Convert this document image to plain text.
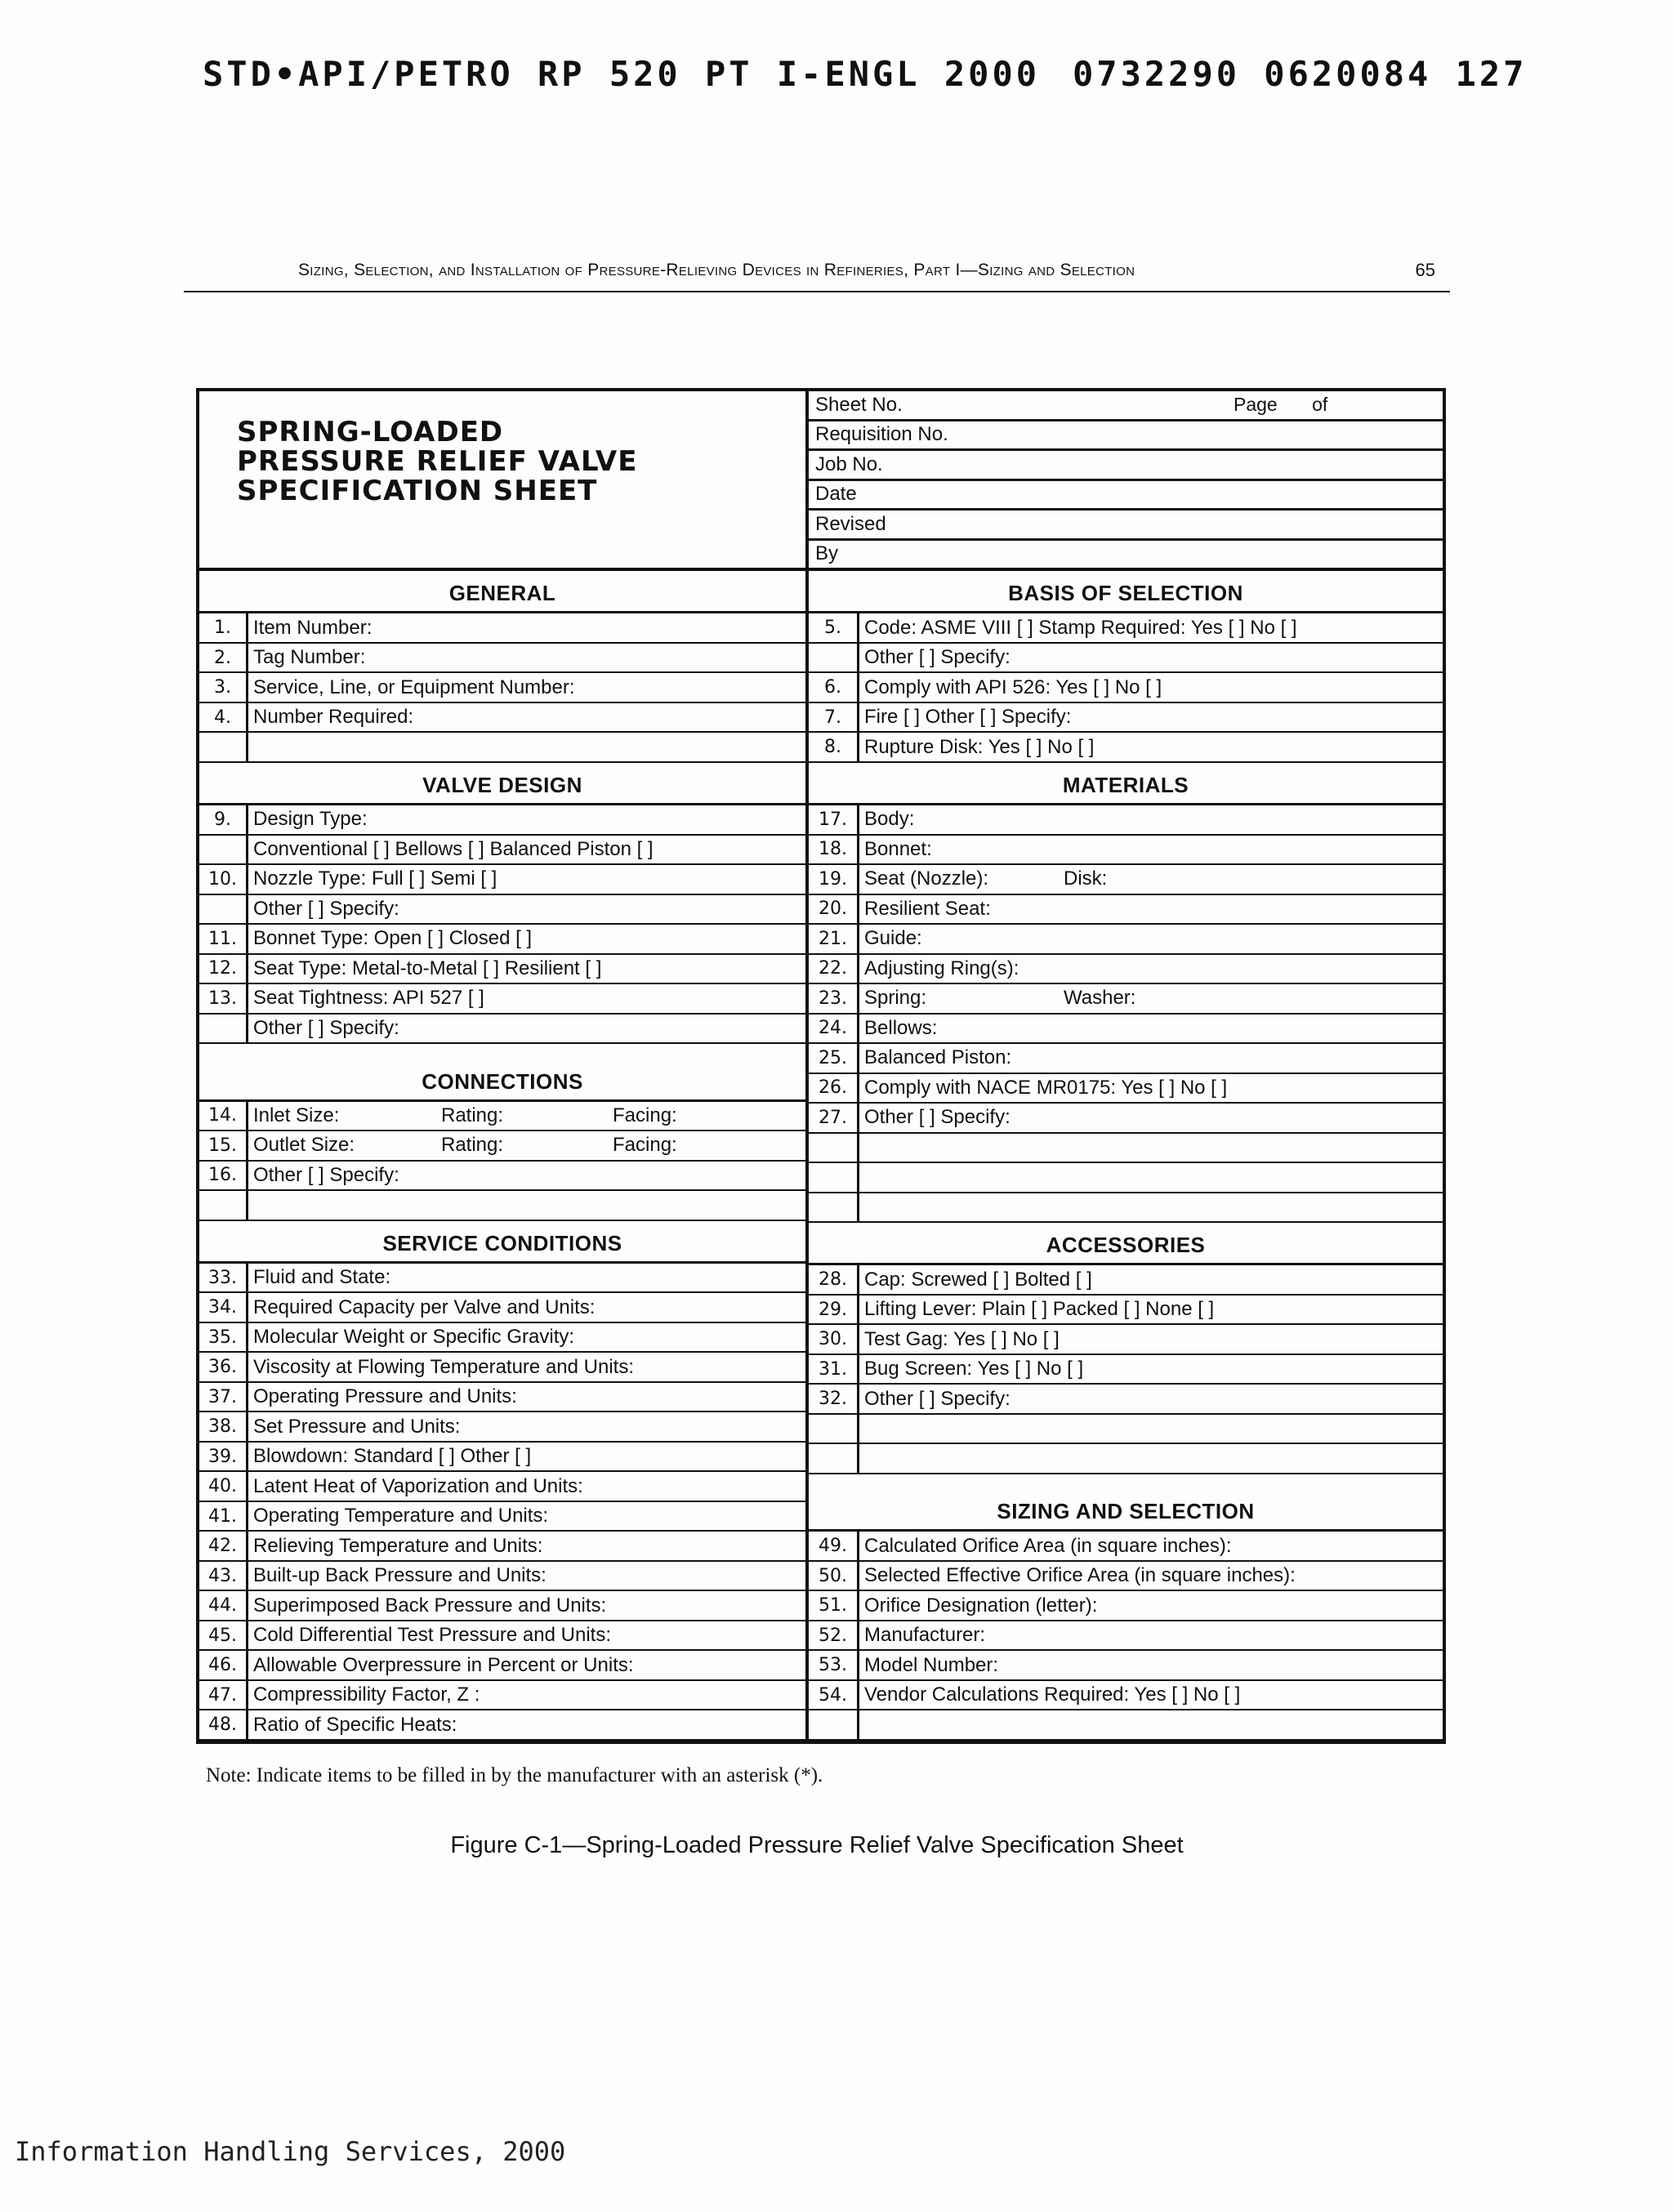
STD•API/PETRO RP 520 PT I-ENGL 2000 0732290 0620084 127
Sizing, Selection, and Installation of Pressure-Relieving Devices in Refineries, Part I—Sizing and Selection	65
SPRING-LOADED
PRESSURE RELIEF VALVE
SPECIFICATION SHEET
Sheet No.	Page of
Requisition No.
Job No.
Date
Revised
By
GENERAL
1.	Item Number:
2.	Tag Number:
3.	Service, Line, or Equipment Number:
4.	Number Required:
VALVE DESIGN
9.	Design Type:
Conventional [ ] Bellows [ ] Balanced Piston [ ]
10. Nozzle Type: Full [ ] Semi [ ]
Other [ ] Specify:
11. Bonnet Type: Open [ ] Closed [ ]
12. Seat Type: Metal-to-Metal [ ] Resilient [ ]
13. Seat Tightness: API 527 [ ]
Other [ ] Specify:
CONNECTIONS
14. Inlet Size:	Rating:	Facing:
15. Outlet Size:	Rating:	Facing:
16. Other [ ] Specify:
SERVICE CONDITIONS
33. Fluid and State:
34. Required Capacity per Valve and Units:
35. Molecular Weight or Specific Gravity:
36. Viscosity at Flowing Temperature and Units:
37. Operating Pressure and Units:
38. Set Pressure and Units:
39. Blowdown: Standard [ ] Other [ ]
40. Latent Heat of Vaporization and Units:
41. Operating Temperature and Units:
42. Relieving Temperature and Units:
43. Built-up Back Pressure and Units:
44. Superimposed Back Pressure and Units:
45. Cold Differential Test Pressure and Units:
46. Allowable Overpressure in Percent or Units:
47. Compressibility Factor, Z :
48. Ratio of Specific Heats:
BASIS OF SELECTION
5.	Code: ASME VIII [ ] Stamp Required: Yes [ ] No [ ]
Other [ ] Specify:
6.	Comply with API 526: Yes [ ] No [ ]
7.	Fire [ ] Other [ ] Specify:
8.	Rupture Disk: Yes [ ] No [ ]
MATERIALS
17. Body:
18. Bonnet:
19. Seat (Nozzle):	Disk:
20. Resilient Seat:
21. Guide:
22. Adjusting Ring(s):
23. Spring:	Washer:
24. Bellows:
25. Balanced Piston:
26. Comply with NACE MR0175: Yes [ ] No [ ]
27. Other [ ] Specify:
ACCESSORIES
28. Cap: Screwed [ ] Bolted [ ]
29. Lifting Lever: Plain [ ] Packed [ ] None [ ]
30. Test Gag: Yes [ ] No [ ]
31. Bug Screen: Yes [ ] No [ ]
32. Other [ ] Specify:
SIZING AND SELECTION
49. Calculated Orifice Area (in square inches):
50. Selected Effective Orifice Area (in square inches):
51. Orifice Designation (letter):
52. Manufacturer:
53. Model Number:
54. Vendor Calculations Required: Yes [ ] No [ ]
Note: Indicate items to be filled in by the manufacturer with an asterisk (*).
Figure C-1—Spring-Loaded Pressure Relief Valve Specification Sheet
Information Handling Services, 2000
